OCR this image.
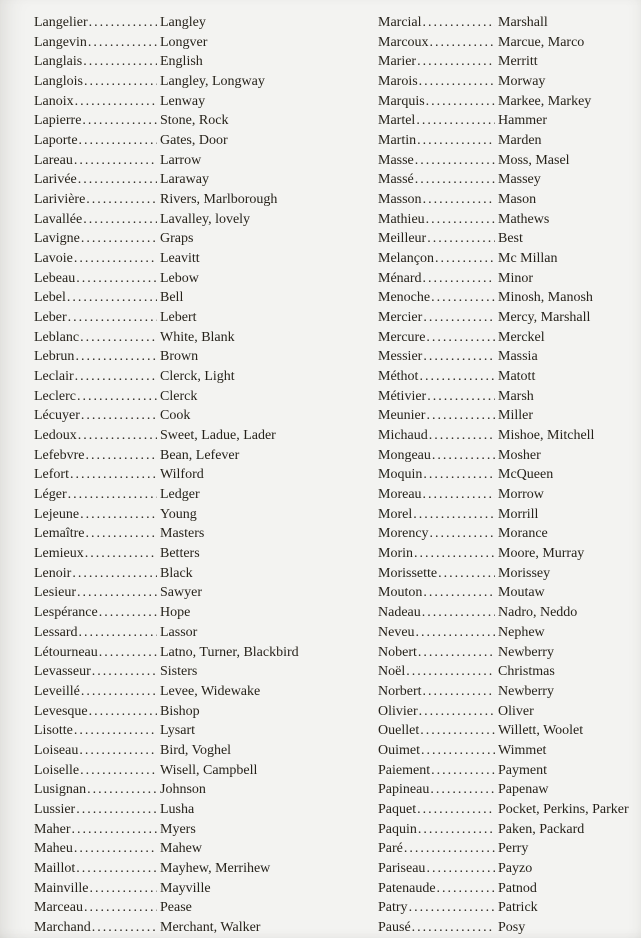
Langelier .....	Langley
Langevin .....	Longver
Langlais .....	English
Langlois .....	Langley, Longway
Lanoix .....	Lenway
Lapierre .....	Stone, Rock
Laporte .....	Gates, Door
Lareau .....	Larrow
Larivée .....	Laraway
Larivière .....	Rivers, Marlborough
Lavallée .....	Lavalley, lovely
Lavigne .....	Graps
Lavoie .....	Leavitt
Lebeau .....	Lebow
Lebel .....	Bell
Leber .....	Lebert
Leblanc .....	White, Blank
Lebrun .....	Brown
Leclair .....	Clerck, Light
Leclerc .....	Clerck
Lécuyer .....	Cook
Ledoux .....	Sweet, Ladue, Lader
Lefebvre .....	Bean, Lefever
Lefort .....	Wilford
Léger .....	Ledger
Lejeune .....	Young
Lemaître .....	Masters
Lemieux .....	Betters
Lenoir .....	Black
Lesieur .....	Sawyer
Lespérance .....	Hope
Lessard .....	Lassor
Létourneau .....	Latno, Turner, Blackbird
Levasseur .....	Sisters
Leveillé .....	Levee, Widewake
Levesque .....	Bishop
Lisotte .....	Lysart
Loiseau .....	Bird, Voghel
Loiselle .....	Wisell, Campbell
Lusignan .....	Johnson
Lussier .....	Lusha
Maher .....	Myers
Maheu .....	Mahew
Maillot .....	Mayhew, Merrihew
Mainville .....	Mayville
Marceau .....	Pease
Marchand .....	Merchant, Walker
Marcial .....	Marshall
Marcoux .....	Marcue, Marco
Marier .....	Merritt
Marois .....	Morway
Marquis .....	Markee, Markey
Martel .....	Hammer
Martin .....	Marden
Masse .....	Moss, Masel
Massé .....	Massey
Masson .....	Mason
Mathieu .....	Mathews
Meilleur .....	Best
Melançon .....	Mc Millan
Ménard .....	Minor
Menoche .....	Minosh, Manosh
Mercier .....	Mercy, Marshall
Mercure .....	Merckel
Messier .....	Massia
Méthot .....	Matott
Métivier .....	Marsh
Meunier .....	Miller
Michaud .....	Mishoe, Mitchell
Mongeau .....	Mosher
Moquin .....	McQueen
Moreau .....	Morrow
Morel .....	Morrill
Morency .....	Morance
Morin .....	Moore, Murray
Morissette .....	Morissey
Mouton .....	Moutaw
Nadeau .....	Nadro, Neddo
Neveu .....	Nephew
Nobert .....	Newberry
Noël .....	Christmas
Norbert .....	Newberry
Olivier .....	Oliver
Ouellet .....	Willett, Woolet
Ouimet .....	Wimmet
Paiement .....	Payment
Papineau .....	Papenaw
Paquet .....	Pocket, Perkins, Parker
Paquin .....	Paken, Packard
Paré .....	Perry
Pariseau .....	Payzo
Patenaude .....	Patnod
Patry .....	Patrick
Pausé .....	Posy
